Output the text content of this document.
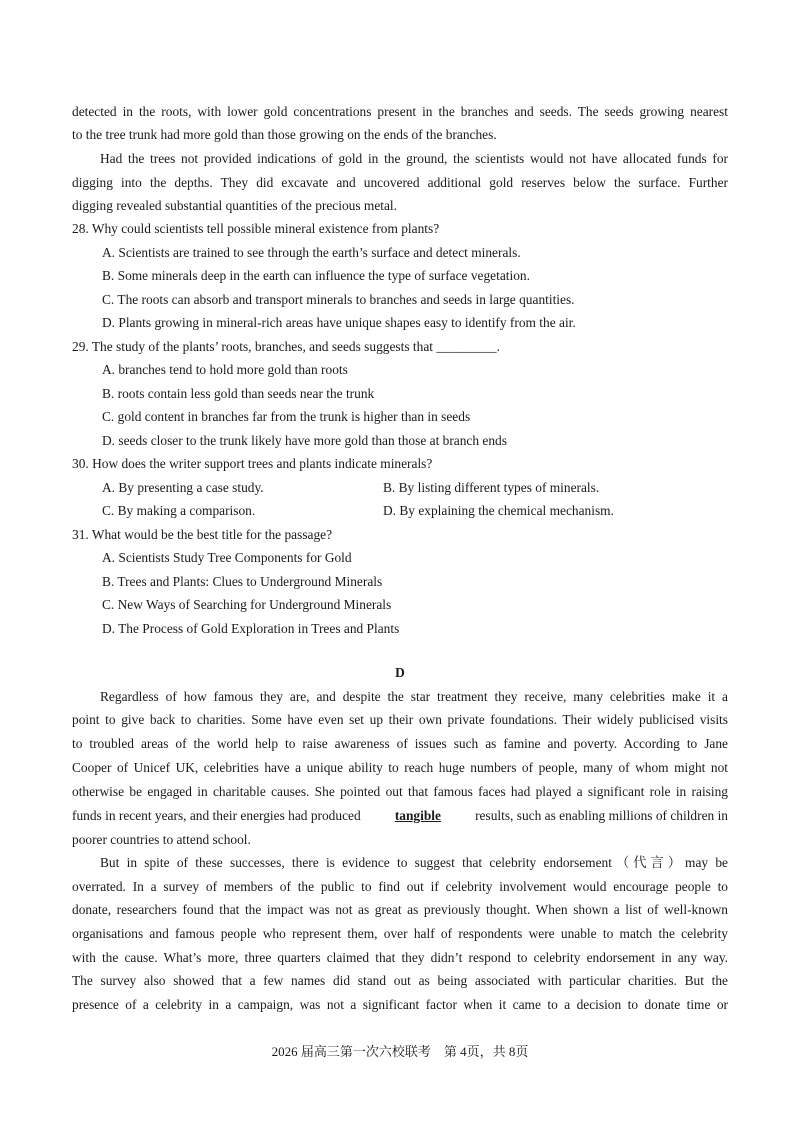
detected in the roots, with lower gold concentrations present in the branches and seeds. The seeds growing nearest
to the tree trunk had more gold than those growing on the ends of the branches.
Had the trees not provided indications of gold in the ground, the scientists would not have allocated funds for
digging into the depths. They did excavate and uncovered additional gold reserves below the surface. Further
digging revealed substantial quantities of the precious metal.
28. Why could scientists tell possible mineral existence from plants?
A. Scientists are trained to see through the earth’s surface and detect minerals.
B. Some minerals deep in the earth can influence the type of surface vegetation.
C. The roots can absorb and transport minerals to branches and seeds in large quantities.
D. Plants growing in mineral-rich areas have unique shapes easy to identify from the air.
29. The study of the plants’ roots, branches, and seeds suggests that _________.
A. branches tend to hold more gold than roots
B. roots contain less gold than seeds near the trunk
C. gold content in branches far from the trunk is higher than in seeds
D. seeds closer to the trunk likely have more gold than those at branch ends
30. How does the writer support trees and plants indicate minerals?
A. By presenting a case study.	B. By listing different types of minerals.
C. By making a comparison.	D. By explaining the chemical mechanism.
31. What would be the best title for the passage?
A. Scientists Study Tree Components for Gold
B. Trees and Plants: Clues to Underground Minerals
C. New Ways of Searching for Underground Minerals
D. The Process of Gold Exploration in Trees and Plants
D
Regardless of how famous they are, and despite the star treatment they receive, many celebrities make it a
point to give back to charities. Some have even set up their own private foundations. Their widely publicised visits
to troubled areas of the world help to raise awareness of issues such as famine and poverty. According to Jane
Cooper of Unicef UK, celebrities have a unique ability to reach huge numbers of people, many of whom might not
otherwise be engaged in charitable causes. She pointed out that famous faces had played a significant role in raising
funds in recent years, and their energies had produced	tangible	results, such as enabling millions of children in
poorer countries to attend school.
But in spite of these successes, there is evidence to suggest that celebrity endorsement（代言）may be
overrated. In a survey of members of the public to find out if celebrity involvement would encourage people to
donate, researchers found that the impact was not as great as previously thought. When shown a list of well-known
organisations and famous people who represent them, over half of respondents were unable to match the celebrity
with the cause. What’s more, three quarters claimed that they didn’t respond to celebrity endorsement in any way.
The survey also showed that a few names did stand out as being associated with particular charities. But the
presence of a celebrity in a campaign, was not a significant factor when it came to a decision to donate time or
2026 届高三第一次六校联考　第 4页，共 8页
